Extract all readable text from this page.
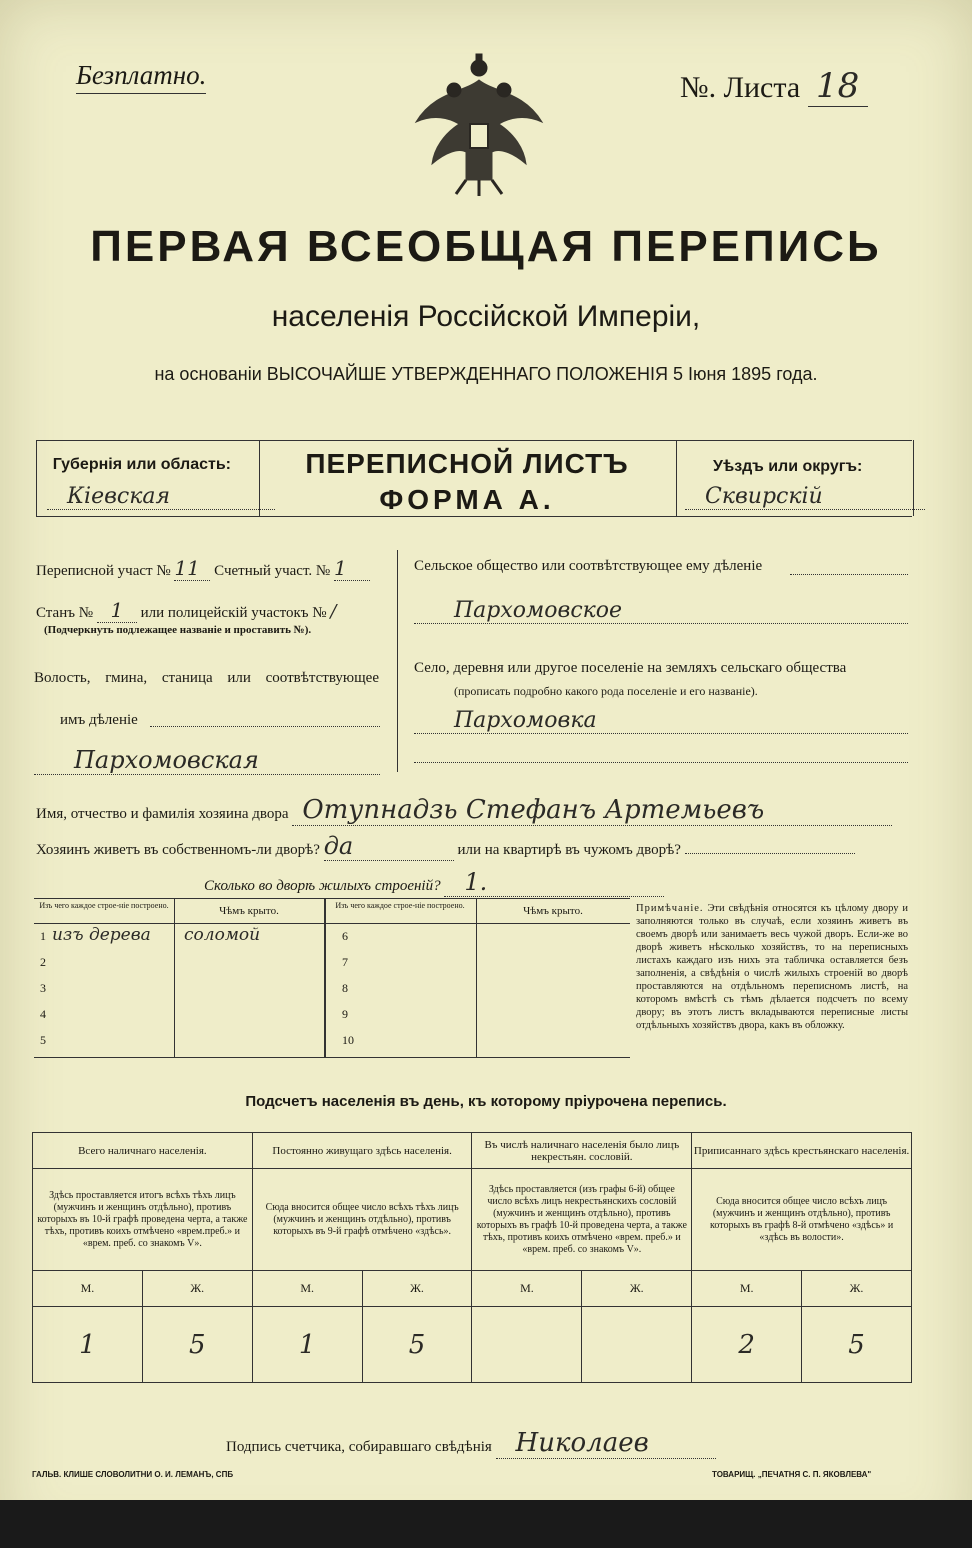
Безплатно.	№. Листа 18
ПЕРВАЯ ВСЕОБЩАЯ ПЕРЕПИСЬ
населенія Россійской Имперіи,
на основаніи ВЫСОЧАЙШЕ УТВЕРЖДЕННАГО ПОЛОЖЕНІЯ 5 Іюня 1895 года.
Губернія или область:
Кіевская
ПЕРЕПИСНОЙ ЛИСТЪ
ФОРМА А.
Уѣздъ или округъ:
Сквирскій
Переписной участ № 11 Счетный участ. № 1
Станъ № 1 или полицейскій участокъ № /
(Подчеркнуть подлежащее названіе и проставить №).
Волость, гмина, станица или соотвѣтствующее
имъ дѣленіе
Пархомовская
Сельское общество или соотвѣтствующее ему дѣленіе
Пархомовское
Село, деревня или другое поселеніе на земляхъ сельскаго общества
(прописать подробно какого рода поселеніе и его названіе).
Пархомовка
Имя, отчество и фамилія хозяина двора Отупнадзь Стефанъ Артемьевъ
Хозяинъ живетъ въ собственномъ-ли дворѣ? да	или на квартирѣ въ чужомъ дворѣ?
Сколько во дворѣ жилыхъ строеній? 1.
Изъ чего каждое строе-ніе построено.	Чѣмъ крыто.	Изъ чего каждое строе-ніе построено.	Чѣмъ крыто.
1 изъ дерева соломой
2
3
4
5
6
7
8
9
10
Примѣчаніе. Эти свѣдѣнія относятся къ цѣлому двору и заполняются только въ случаѣ, если хозяинъ живетъ въ своемъ дворѣ или занимаетъ весь чужой дворъ. Если-же во дворѣ живетъ нѣсколько хозяйствъ, то на переписныхъ листахъ каждаго изъ нихъ эта табличка оставляется безъ заполненія, а свѣдѣнія о числѣ жилыхъ строеній во дворѣ проставляются на отдѣльномъ переписномъ листѣ, на которомъ вмѣстѣ съ тѣмъ дѣлается подсчетъ по всему двору; въ этотъ листъ вкладываются переписные листы отдѣльныхъ хозяйствъ двора, какъ въ обложку.
Подсчетъ населенія въ день, къ которому пріурочена перепись.
Всего наличнаго населенія.		Постоянно живущаго здѣсь населенія.		Въ числѣ наличнаго населенія было лицъ некрестьян. сословій.		Приписаннаго здѣсь крестьянскаго населенія.	
Здѣсь проставляется итогъ всѣхъ тѣхъ лицъ (мужчинъ и женщинъ отдѣльно), противъ которыхъ въ 10-й графѣ проведена черта, а также тѣхъ, противъ коихъ отмѣчено «врем.преб.» и «врем. преб. со знакомъ V».		Сюда вносится общее число всѣхъ тѣхъ лицъ (мужчинъ и женщинъ отдѣльно), противъ которыхъ въ 9-й графѣ отмѣчено «здѣсь».		Здѣсь проставляется (изъ графы 6-й) общее число всѣхъ лицъ некрестьянскихъ сословій (мужчинъ и женщинъ отдѣльно), противъ которыхъ въ графѣ 10-й проведена черта, а также тѣхъ, противъ коихъ отмѣчено «врем. преб.» и «врем. преб. со знакомъ V».		Сюда вносится общее число всѣхъ лицъ (мужчинъ и женщинъ отдѣльно), противъ которыхъ въ графѣ 8-й отмѣчено «здѣсь» и «здѣсь въ волости».	
М.	Ж.	М.	Ж.	М.	Ж.	М.	Ж.
1	5	1	5			2	5
Подпись счетчика, собиравшаго свѣдѣнія Николаев
ГАЛЬВ. КЛИШЕ СЛОВОЛИТНИ О. И. ЛЕМАНЪ, СПБ	ТОВАРИЩ. „ПЕЧАТНЯ С. П. ЯКОВЛЕВА"
